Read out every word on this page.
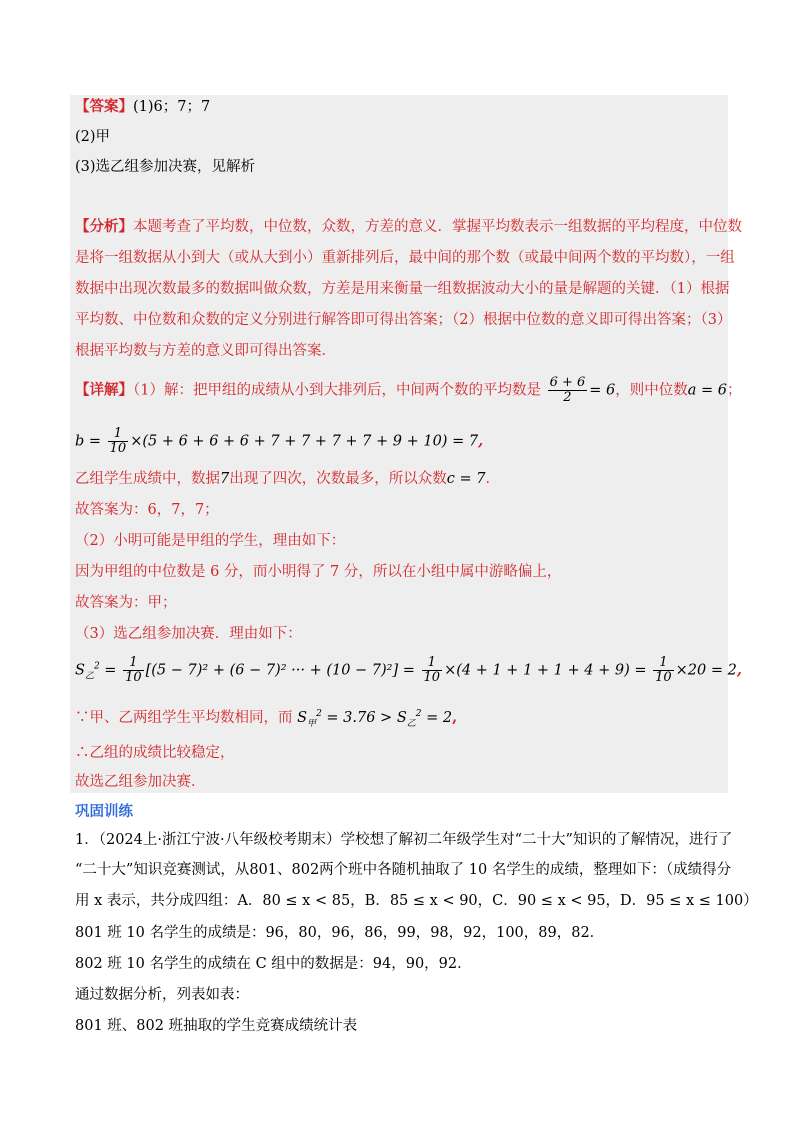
【答案】(1)6；7；7
(2)甲
(3)选乙组参加决赛，见解析
【分析】本题考查了平均数，中位数，众数，方差的意义．掌握平均数表示一组数据的平均程度，中位数
是将一组数据从小到大（或从大到小）重新排列后，最中间的那个数（或最中间两个数的平均数），一组
数据中出现次数最多的数据叫做众数，方差是用来衡量一组数据波动大小的量是解题的关键．（1）根据
平均数、中位数和众数的定义分别进行解答即可得出答案；（2）根据中位数的意义即可得出答案；（3）
根据平均数与方差的意义即可得出答案．
【详解】（1）解：把甲组的成绩从小到大排列后，中间两个数的平均数是 $\frac{6 + 6}{2} = 6$，则中位数a = 6；
$b = \frac{1}{10} \times(5 + 6 + 6 + 6 + 7 + 7 + 7 + 7 + 9 + 10) = 7$,
乙组学生成绩中，数据7出现了四次，次数最多，所以众数c = 7．
故答案为：6，7，7；
（2）小明可能是甲组的学生，理由如下：
因为甲组的中位数是 6 分，而小明得了 7 分，所以在小组中属中游略偏上，
故答案为：甲；
（3）选乙组参加决赛．理由如下：
$S_乙^2 = \frac{1}{10} [(5 - 7)^2 + (6 - 7)^2$ ··· + $(10 - 7)^2] = \frac{1}{10} \times(4 + 1 + 1 + 1 + 4 + 9) = \frac{1}{10} \times 20 = 2$,
∵甲、乙两组学生平均数相同，而 $S_甲^2 = 3.76 > S_乙^2 = 2$,
∴乙组的成绩比较稳定，
故选乙组参加决赛．
巩固训练
1．（2024上·浙江宁波·八年级校考期末）学校想了解初二年级学生对“二十大”知识的了解情况，进行了
“二十大”知识竞赛测试，从801、802两个班中各随机抽取了 10 名学生的成绩，整理如下：（成绩得分
用 x 表示，共分成四组：A．80 ≤ x < 85，B．85 ≤ x < 90，C．90 ≤ x < 95，D．95 ≤ x ≤ 100）
801 班 10 名学生的成绩是：96，80，96，86，99，98，92，100，89，82．
802 班 10 名学生的成绩在 C 组中的数据是：94，90，92．
通过数据分析，列表如表：
801 班、802 班抽取的学生竞赛成绩统计表
